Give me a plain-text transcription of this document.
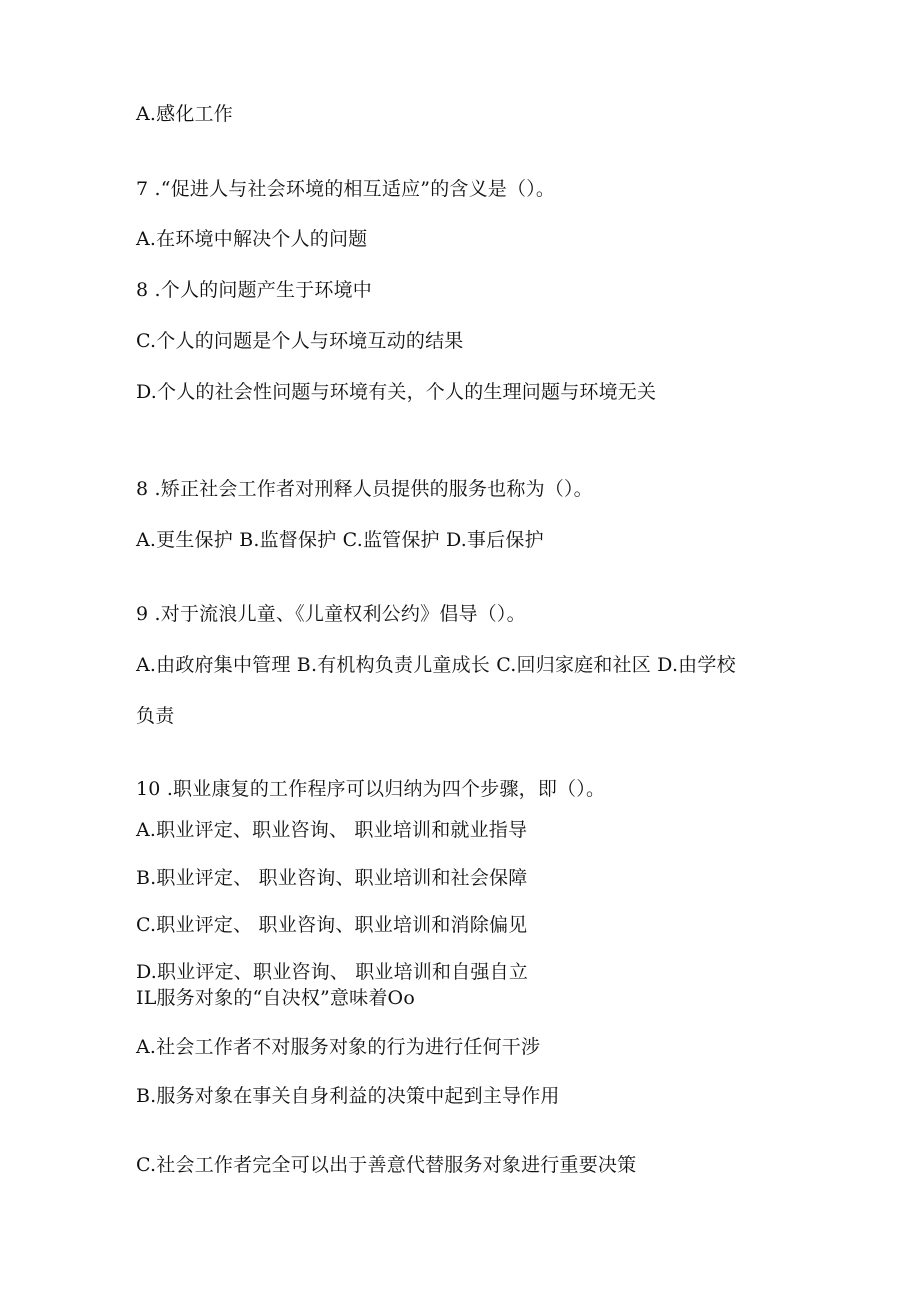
A.感化工作
7 .“促进人与社会环境的相互适应”的含义是（）。
A.在环境中解决个人的问题
8 .个人的问题产生于环境中
C.个人的问题是个人与环境互动的结果
D.个人的社会性问题与环境有关，个人的生理问题与环境无关
8 .矫正社会工作者对刑释人员提供的服务也称为（）。
A.更生保护 B.监督保护 C.监管保护 D.事后保护
9 .对于流浪儿童、《儿童权利公约》倡导（）。
A.由政府集中管理 B.有机构负责儿童成长 C.回归家庭和社区 D.由学校
负责
10 .职业康复的工作程序可以归纳为四个步骤，即（）。
A.职业评定、职业咨询、 职业培训和就业指导
B.职业评定、 职业咨询、职业培训和社会保障
C.职业评定、 职业咨询、职业培训和消除偏见
D.职业评定、职业咨询、 职业培训和自强自立
IL服务对象的“自决权”意味着Oo
A.社会工作者不对服务对象的行为进行任何干涉
B.服务对象在事关自身利益的决策中起到主导作用
C.社会工作者完全可以出于善意代替服务对象进行重要决策
